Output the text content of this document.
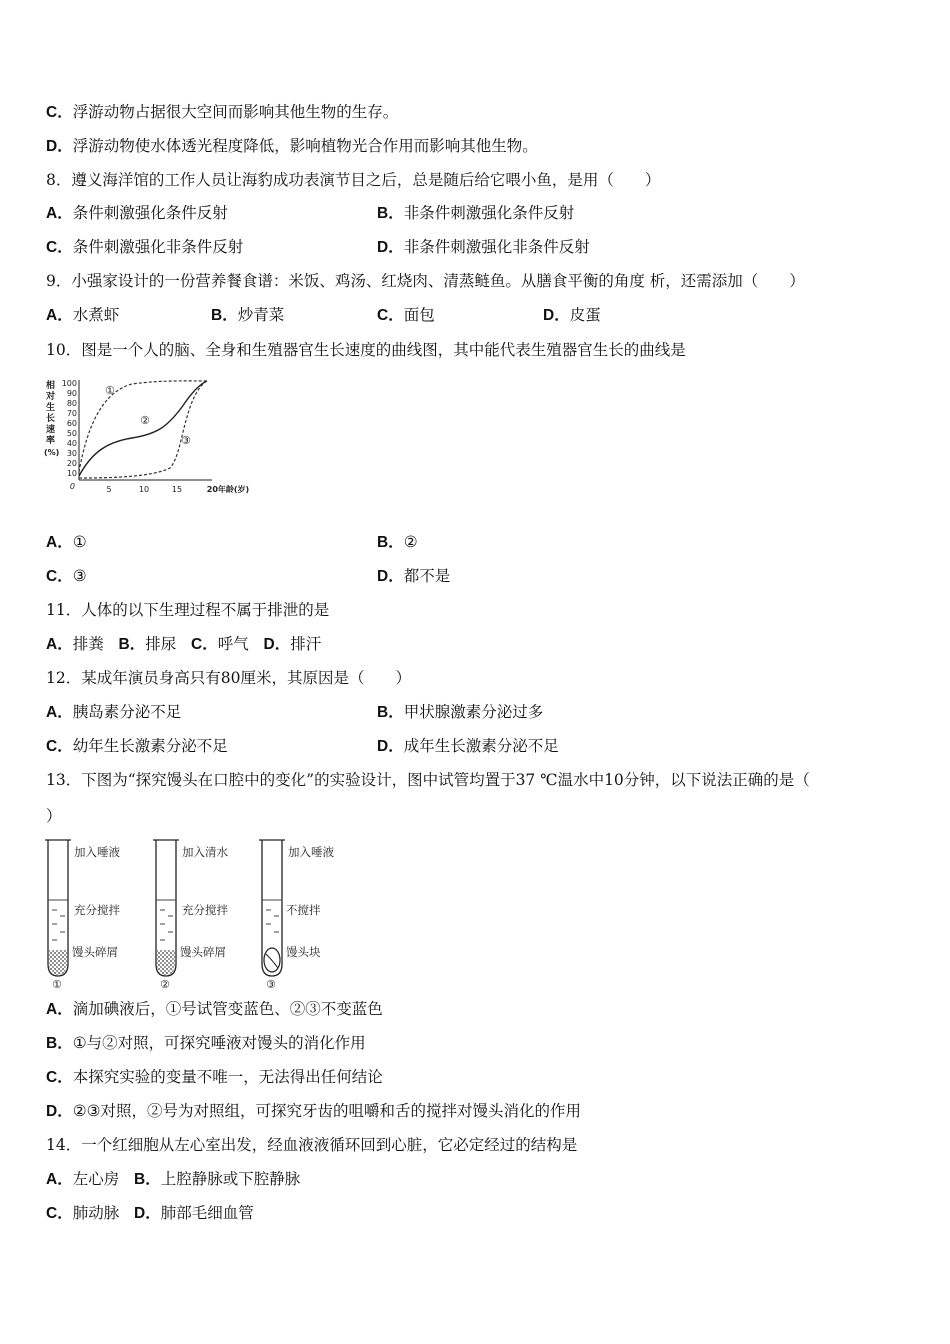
C．浮游动物占据很大空间而影响其他生物的生存。
D．浮游动物使水体透光程度降低，影响植物光合作用而影响其他生物。
8．遵义海洋馆的工作人员让海豹成功表演节目之后，总是随后给它喂小鱼，是用（　　）
A．条件刺激强化条件反射	B．非条件刺激强化条件反射
C．条件刺激强化非条件反射	D．非条件刺激强化非条件反射
9．小强家设计的一份营养餐食谱：米饭、鸡汤、红烧肉、清蒸鲢鱼。从膳食平衡的角度 析，还需添加（　　）
A．水煮虾	B．炒青菜	C．面包	D．皮蛋
10．图是一个人的脑、全身和生殖器官生长速度的曲线图，其中能代表生殖器官生长的曲线是
相
对
生
长
速
率
(%)
100
90
80
70
60
50
40
30
20
10
0	5	10	15	20年龄(岁)
①
②
③
A．①	B．②
C．③	D．都不是
11．人体的以下生理过程不属于排泄的是
A．排粪 B．排尿 C．呼气 D．排汗
12．某成年演员身高只有80厘米，其原因是（　　）
A．胰岛素分泌不足	B．甲状腺激素分泌过多
C．幼年生长激素分泌不足	D．成年生长激素分泌不足
13．下图为“探究馒头在口腔中的变化”的实验设计，图中试管均置于37 ℃温水中10分钟，以下说法正确的是（
）
加入唾液
充分搅拌
馒头碎屑
①
加入清水
充分搅拌
馒头碎屑
②
加入唾液
不搅拌
馒头块
③
A．滴加碘液后，①号试管变蓝色、②③不变蓝色
B．①与②对照，可探究唾液对馒头的消化作用
C．本探究实验的变量不唯一，无法得出任何结论
D．②③对照，②号为对照组，可探究牙齿的咀嚼和舌的搅拌对馒头消化的作用
14．一个红细胞从左心室出发，经血液液循环回到心脏，它必定经过的结构是
A．左心房 B．上腔静脉或下腔静脉
C．肺动脉 D．肺部毛细血管
